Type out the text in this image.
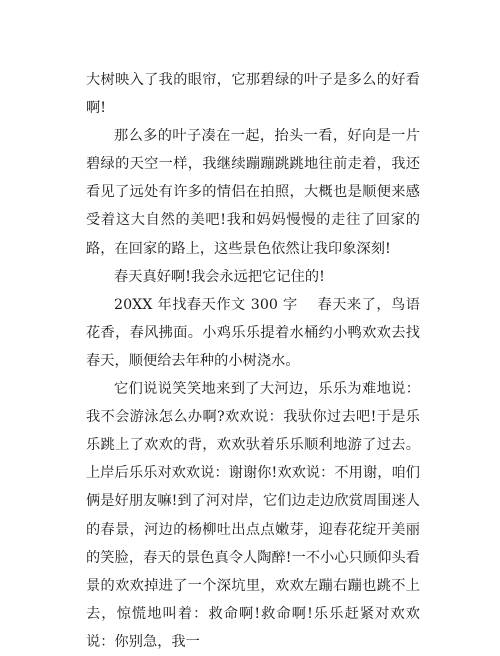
大树映入了我的眼帘，它那碧绿的叶子是多么的好看啊!

那么多的叶子凑在一起，抬头一看，好向是一片碧绿的天空一样，我继续蹦蹦跳跳地往前走着，我还看见了远处有许多的情侣在拍照，大概也是顺便来感受着这大自然的美吧!我和妈妈慢慢的走往了回家的路，在回家的路上，这些景色依然让我印象深刻!

春天真好啊!我会永远把它记住的!

20XX 年找春天作文 300 字　 春天来了，鸟语花香，春风拂面。小鸡乐乐提着水桶约小鸭欢欢去找春天，顺便给去年种的小树浇水。

它们说说笑笑地来到了大河边，乐乐为难地说：我不会游泳怎么办啊?欢欢说：我驮你过去吧!于是乐乐跳上了欢欢的背，欢欢驮着乐乐顺利地游了过去。上岸后乐乐对欢欢说：谢谢你!欢欢说：不用谢，咱们俩是好朋友嘛!到了河对岸，它们边走边欣赏周围迷人的春景，河边的杨柳吐出点点嫩芽，迎春花绽开美丽的笑脸，春天的景色真令人陶醉!一不小心只顾仰头看景的欢欢掉进了一个深坑里，欢欢左蹦右蹦也跳不上去，惊慌地叫着：救命啊!救命啊!乐乐赶紧对欢欢说：你别急，我一
